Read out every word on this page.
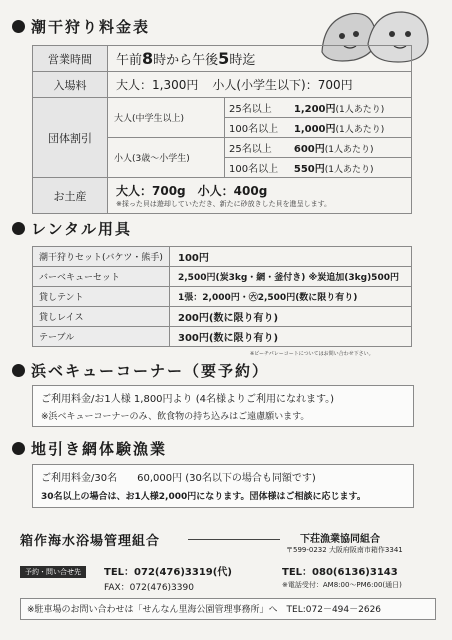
潮干狩り料金表
営業時間	午前8時から午後5時迄		
入場料	大人：1,300円 小人(小学生以下)：700円		
団体割引	大人(中学生以上)	25名以上	1,200円(1人あたり)
		100名以上	1,000円(1人あたり)
	小人(3歳〜小学生)	25名以上	600円(1人あたり)
		100名以上	550円(1人あたり)
お土産	大人：700g　小人：400g
※採った貝は遊却していただき、新たに砂放きした貝を進呈します。		
レンタル用具
潮干狩りセット(バケツ・熊手)	100円
バーベキューセット	2,500円(炭3kg・網・釜付き) ※炭追加(3kg)500円
貸しテント	1張：2,000円・㊅2,500円(数に限り有り)
貸しレイス	200円(数に限り有り)
テーブル	300円(数に限り有り)
※ビーチパレーコートについてはお問い合わせ下さい。
浜ベキューコーナー（要予約）
ご利用料金/お1人様 1,800円より (4名様よりご利用になれます。)
※浜ベキューコーナーのみ、飲食物の持ち込みはご遠慮願います。
地引き網体験漁業
ご利用料金/30名　　60,000円 (30名以下の場合も同額です)
30名以上の場合は、お1人様2,000円になります。団体様はご相談に応じます。
箱作海水浴場管理組合	下荘漁業協同組合
〒599-0232 大阪府阪南市箱作3341
予約・問い合せ先	TEL：072(476)3319(代)
FAX：072(476)3390
TEL：080(6136)3143
※電話受付：AM8:00〜PM6:00(通日)
※駐車場のお問い合わせは「せんなん里海公園管理事務所」へ　TEL:072－494－2626
